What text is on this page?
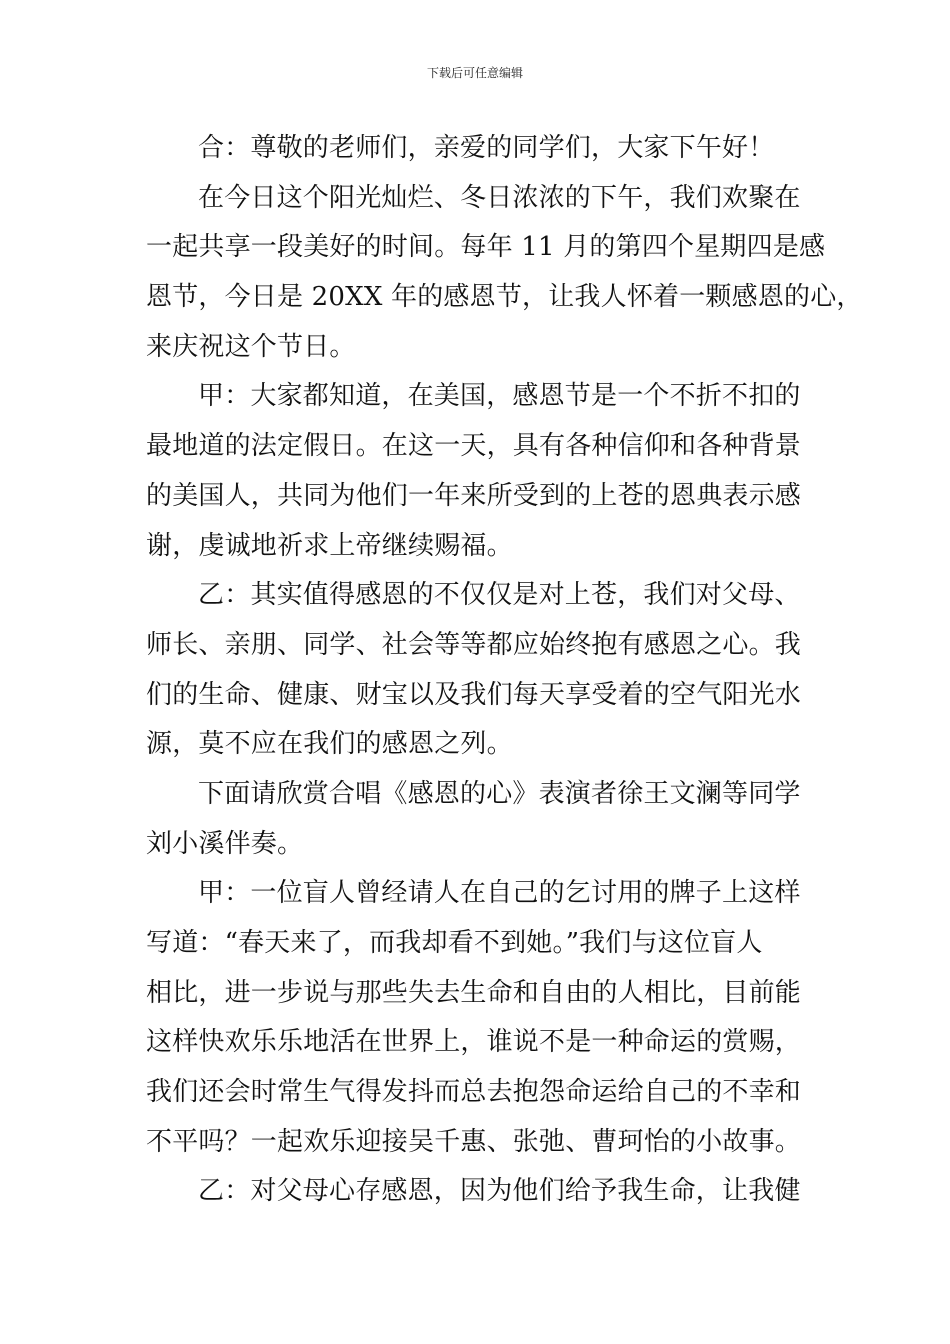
下载后可任意编辑
合：尊敬的老师们，亲爱的同学们，大家下午好！
在今日这个阳光灿烂、冬日浓浓的下午，我们欢聚在
一起共享一段美好的时间。每年 11 月的第四个星期四是感
恩节，今日是 20XX 年的感恩节，让我人怀着一颗感恩的心，
来庆祝这个节日。
甲：大家都知道，在美国，感恩节是一个不折不扣的
最地道的法定假日。在这一天，具有各种信仰和各种背景
的美国人，共同为他们一年来所受到的上苍的恩典表示感
谢，虔诚地祈求上帝继续赐福。
乙：其实值得感恩的不仅仅是对上苍，我们对父母、
师长、亲朋、同学、社会等等都应始终抱有感恩之心。我
们的生命、健康、财宝以及我们每天享受着的空气阳光水
源，莫不应在我们的感恩之列。
下面请欣赏合唱《感恩的心》表演者徐王文澜等同学
刘小溪伴奏。
甲：一位盲人曾经请人在自己的乞讨用的牌子上这样
写道：“春天来了，而我却看不到她。”我们与这位盲人
相比，进一步说与那些失去生命和自由的人相比，目前能
这样快欢乐乐地活在世界上，谁说不是一种命运的赏赐，
我们还会时常生气得发抖而总去抱怨命运给自己的不幸和
不平吗？一起欢乐迎接吴千惠、张弛、曹珂怡的小故事。
乙：对父母心存感恩，因为他们给予我生命，让我健
